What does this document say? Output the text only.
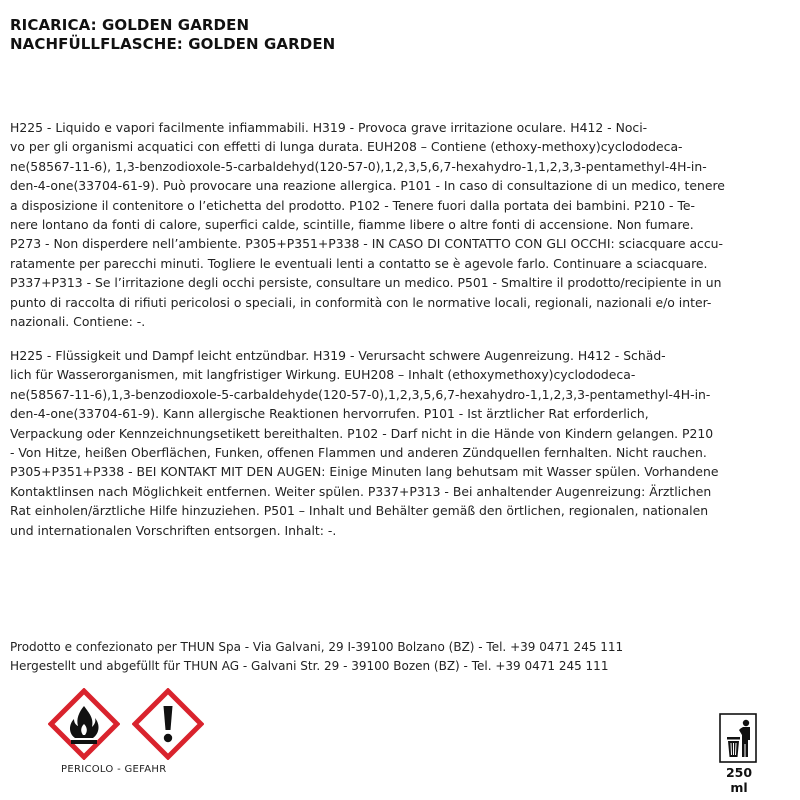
RICARICA: GOLDEN GARDEN
NACHFÜLLFLASCHE: GOLDEN GARDEN
H225 - Liquido e vapori facilmente infiammabili. H319 - Provoca grave irritazione oculare. H412 - Noci-
vo per gli organismi acquatici con effetti di lunga durata. EUH208 – Contiene (ethoxy-methoxy)cyclododeca-
ne(58567-11-6), 1,3-benzodioxole-5-carbaldehyd(120-57-0),1,2,3,5,6,7-hexahydro-1,1,2,3,3-pentamethyl-4H-in-
den-4-one(33704-61-9). Può provocare una reazione allergica. P101 - In caso di consultazione di un medico, tenere
a disposizione il contenitore o l’etichetta del prodotto. P102 - Tenere fuori dalla portata dei bambini. P210 - Te-
nere lontano da fonti di calore, superfici calde, scintille, fiamme libere o altre fonti di accensione. Non fumare.
P273 - Non disperdere nell’ambiente. P305+P351+P338 - IN CASO DI CONTATTO CON GLI OCCHI: sciacquare accu-
ratamente per parecchi minuti. Togliere le eventuali lenti a contatto se è agevole farlo. Continuare a sciacquare.
P337+P313 - Se l’irritazione degli occhi persiste, consultare un medico. P501 - Smaltire il prodotto/recipiente in un
punto di raccolta di rifiuti pericolosi o speciali, in conformità con le normative locali, regionali, nazionali e/o inter-
nazionali. Contiene: -.
H225 - Flüssigkeit und Dampf leicht entzündbar. H319 - Verursacht schwere Augenreizung. H412 - Schäd-
lich für Wasserorganismen, mit langfristiger Wirkung. EUH208 – Inhalt (ethoxymethoxy)cyclododeca-
ne(58567-11-6),1,3-benzodioxole-5-carbaldehyde(120-57-0),1,2,3,5,6,7-hexahydro-1,1,2,3,3-pentamethyl-4H-in-
den-4-one(33704-61-9). Kann allergische Reaktionen hervorrufen. P101 - Ist ärztlicher Rat erforderlich,
Verpackung oder Kennzeichnungsetikett bereithalten. P102 - Darf nicht in die Hände von Kindern gelangen. P210
- Von Hitze, heißen Oberflächen, Funken, offenen Flammen und anderen Zündquellen fernhalten. Nicht rauchen.
P305+P351+P338 - BEI KONTAKT MIT DEN AUGEN: Einige Minuten lang behutsam mit Wasser spülen. Vorhandene
Kontaktlinsen nach Möglichkeit entfernen. Weiter spülen. P337+P313 - Bei anhaltender Augenreizung: Ärztlichen
Rat einholen/ärztliche Hilfe hinzuziehen. P501 – Inhalt und Behälter gemäß den örtlichen, regionalen, nationalen
und internationalen Vorschriften entsorgen. Inhalt: -.
Prodotto e confezionato per THUN Spa - Via Galvani, 29 I-39100 Bolzano (BZ) - Tel. +39 0471 245 111
Hergestellt und abgefüllt für THUN AG - Galvani Str. 29 - 39100 Bozen (BZ) - Tel. +39 0471 245 111
PERICOLO - GEFAHR	250
ml
